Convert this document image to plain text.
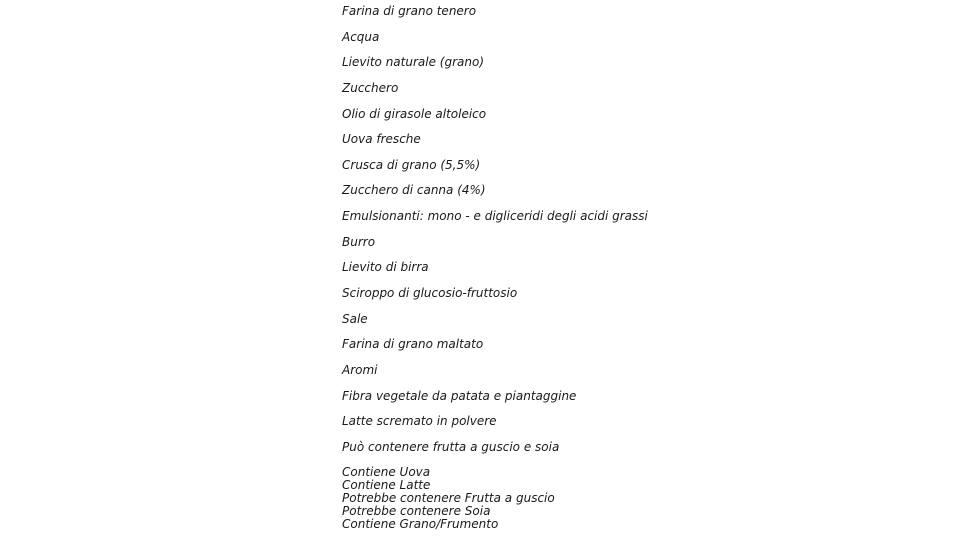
Farina di grano tenero
Acqua
Lievito naturale (grano)
Zucchero
Olio di girasole altoleico
Uova fresche
Crusca di grano (5,5%)
Zucchero di canna (4%)
Emulsionanti: mono - e digliceridi degli acidi grassi
Burro
Lievito di birra
Sciroppo di glucosio-fruttosio
Sale
Farina di grano maltato
Aromi
Fibra vegetale da patata e piantaggine
Latte scremato in polvere
Può contenere frutta a guscio e soia
Contiene Uova
Contiene Latte
Potrebbe contenere Frutta a guscio
Potrebbe contenere Soia
Contiene Grano/Frumento
